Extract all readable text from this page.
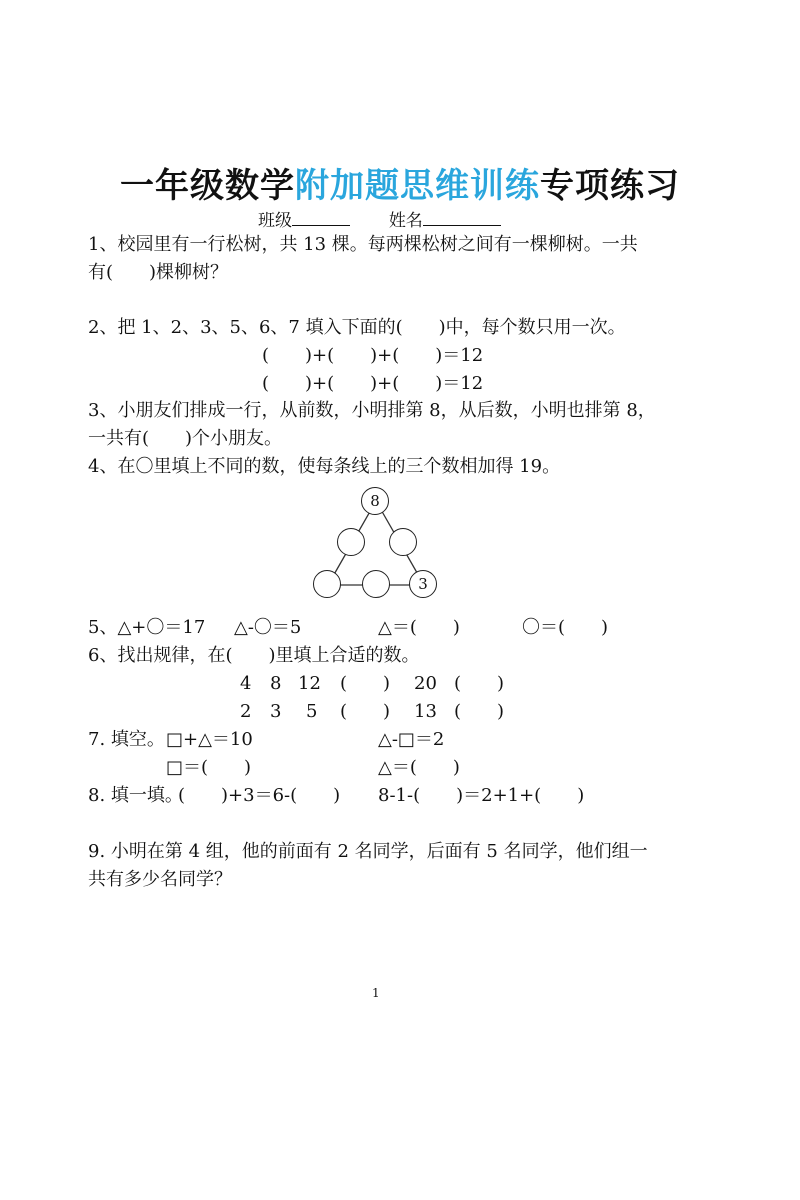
一年级数学附加题思维训练专项练习
班级	姓名
1、校园里有一行松树，共 13 棵。每两棵松树之间有一棵柳树。一共
有(　　)棵柳树？
2、把 1、2、3、5、6、7 填入下面的(　　)中，每个数只用一次。
(　　)+(　　)+(　　)＝12
(　　)+(　　)+(　　)＝12
3、小朋友们排成一行，从前数，小明排第 8，从后数，小明也排第 8，
一共有(　　)个小朋友。
4、在〇里填上不同的数，使每条线上的三个数相加得 19。
8
3
5、△+〇＝17 △-〇＝5	△＝(　　)	〇＝(　　)
6、找出规律，在(　　)里填上合适的数。
4 8 12 (　　) 20 (　　)
2 3 5 (　　) 13 (　　)
7. 填空。 □+△＝10	△-□＝2
□＝(　　)	△＝(　　)
8. 填一填。
(　　)+3＝6-(　　) 8-1-(　　)＝2+1+(　　)
9. 小明在第 4 组，他的前面有 2 名同学，后面有 5 名同学，他们组一
共有多少名同学？
1
